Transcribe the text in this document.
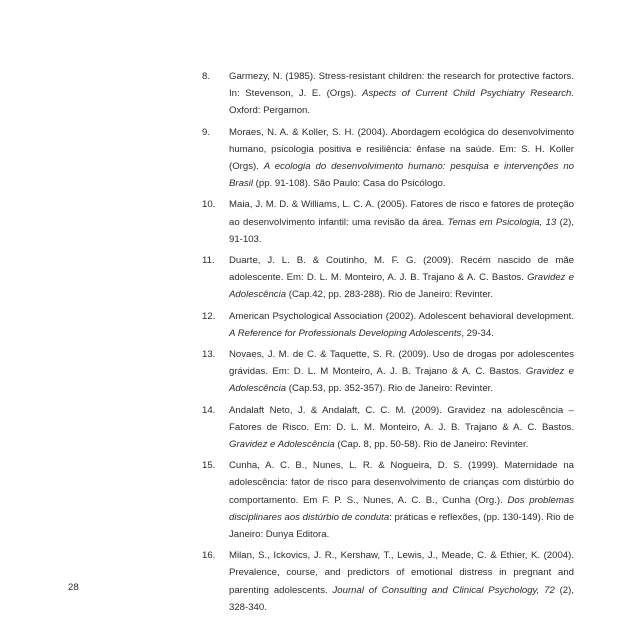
8. Garmezy, N. (1985). Stress-resistant children: the research for protective factors. In: Stevenson, J. E. (Orgs). Aspects of Current Child Psychiatry Research. Oxford: Pergamon.
9. Moraes, N. A. & Koller, S. H. (2004). Abordagem ecológica do desenvolvimento humano, psicologia positiva e resiliência: ênfase na saúde. Em: S. H. Koller (Orgs). A ecologia do desenvolvimento humano: pesquisa e intervenções no Brasil (pp. 91-108). São Paulo: Casa do Psicólogo.
10. Maia, J. M. D. & Williams, L. C. A. (2005). Fatores de risco e fatores de proteção ao desenvolvimento infantil: uma revisão da área. Temas em Psicologia, 13 (2), 91-103.
11. Duarte, J. L. B. & Coutinho, M. F. G. (2009). Recém nascido de mãe adolescente. Em: D. L. M. Monteiro, A. J. B. Trajano & A. C. Bastos. Gravidez e Adolescência (Cap.42, pp. 283-288). Rio de Janeiro: Revinter.
12. American Psychological Association (2002). Adolescent behavioral development. A Reference for Professionals Developing Adolescents, 29-34.
13. Novaes, J. M. de C. & Taquette, S. R. (2009). Uso de drogas por adolescentes grávidas. Em: D. L. M Monteiro, A. J. B. Trajano & A. C. Bastos. Gravidez e Adolescência (Cap.53, pp. 352-357). Rio de Janeiro: Revinter.
14. Andalaft Neto, J. & Andalaft, C. C. M. (2009). Gravidez na adolescência – Fatores de Risco. Em: D. L. M. Monteiro, A. J. B. Trajano & A. C. Bastos. Gravidez e Adolescência (Cap. 8, pp. 50-58). Rio de Janeiro: Revinter.
15. Cunha, A. C. B., Nunes, L. R. & Nogueira, D. S. (1999). Maternidade na adolescência: fator de risco para desenvolvimento de crianças com distúrbio do comportamento. Em F. P. S., Nunes, A. C. B., Cunha (Org.). Dos problemas disciplinares aos distúrbio de conduta: práticas e reflexões, (pp. 130-149). Rio de Janeiro: Dunya Editora.
16. Milan, S., Ickovics, J. R., Kershaw, T., Lewis, J., Meade, C. & Ethier, K. (2004). Prevalence, course, and predictors of emotional distress in pregnant and parenting adolescents. Journal of Consulting and Clinical Psychology, 72 (2), 328-340.
28
